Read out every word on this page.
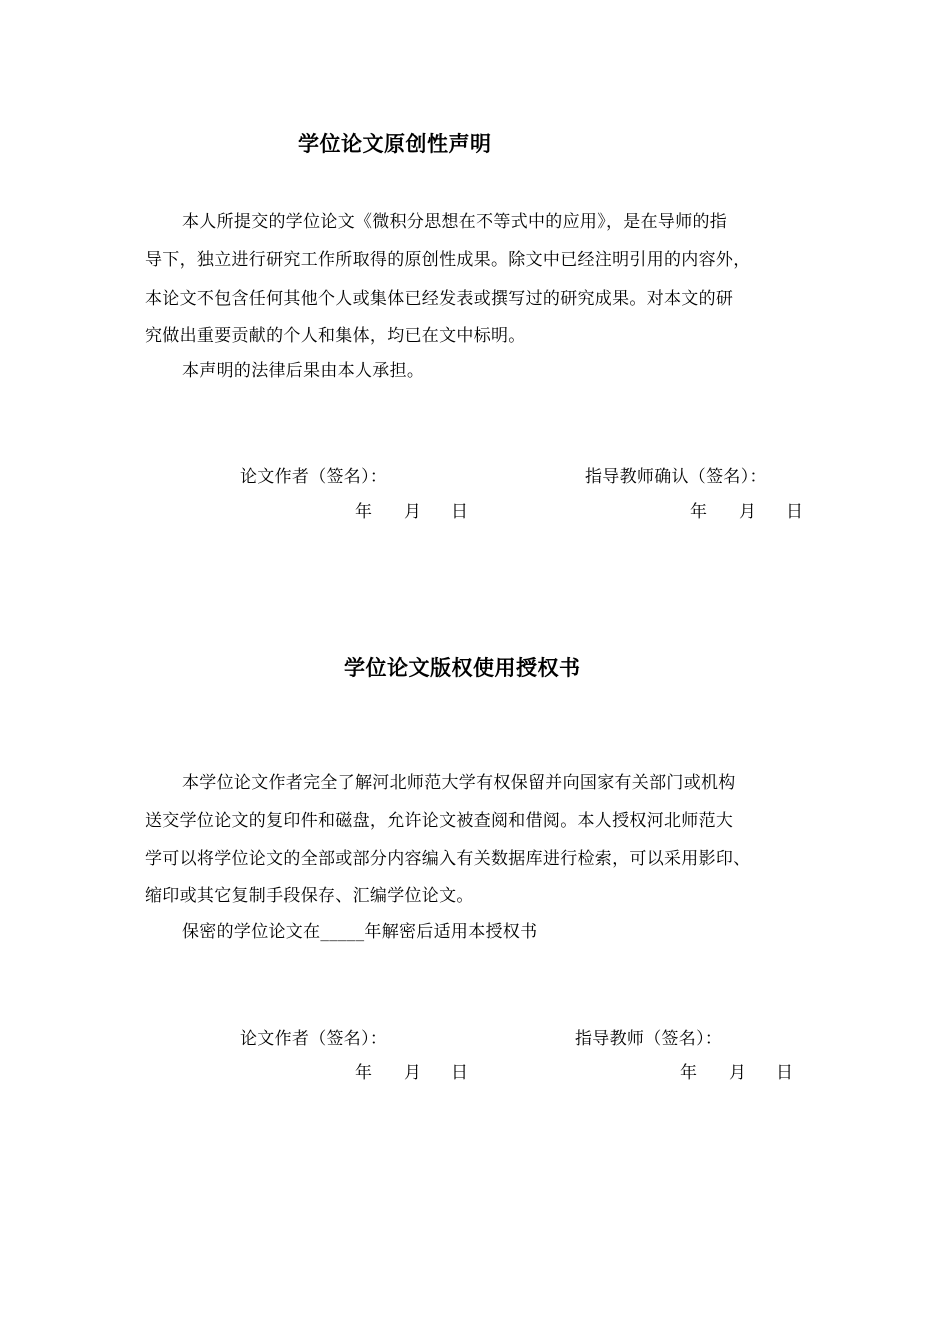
学位论文原创性声明
本人所提交的学位论文《微积分思想在不等式中的应用》，是在导师的指
导下，独立进行研究工作所取得的原创性成果。除文中已经注明引用的内容外，
本论文不包含任何其他个人或集体已经发表或撰写过的研究成果。对本文的研
究做出重要贡献的个人和集体，均已在文中标明。
本声明的法律后果由本人承担。
论文作者（签名）：	指导教师确认（签名）：
年 月 日	年 月 日
学位论文版权使用授权书
本学位论文作者完全了解河北师范大学有权保留并向国家有关部门或机构
送交学位论文的复印件和磁盘，允许论文被查阅和借阅。本人授权河北师范大
学可以将学位论文的全部或部分内容编入有关数据库进行检索，可以采用影印、
缩印或其它复制手段保存、汇编学位论文。
保密的学位论文在_____年解密后适用本授权书
论文作者（签名）：	指导教师（签名）：
年 月 日	年 月 日
